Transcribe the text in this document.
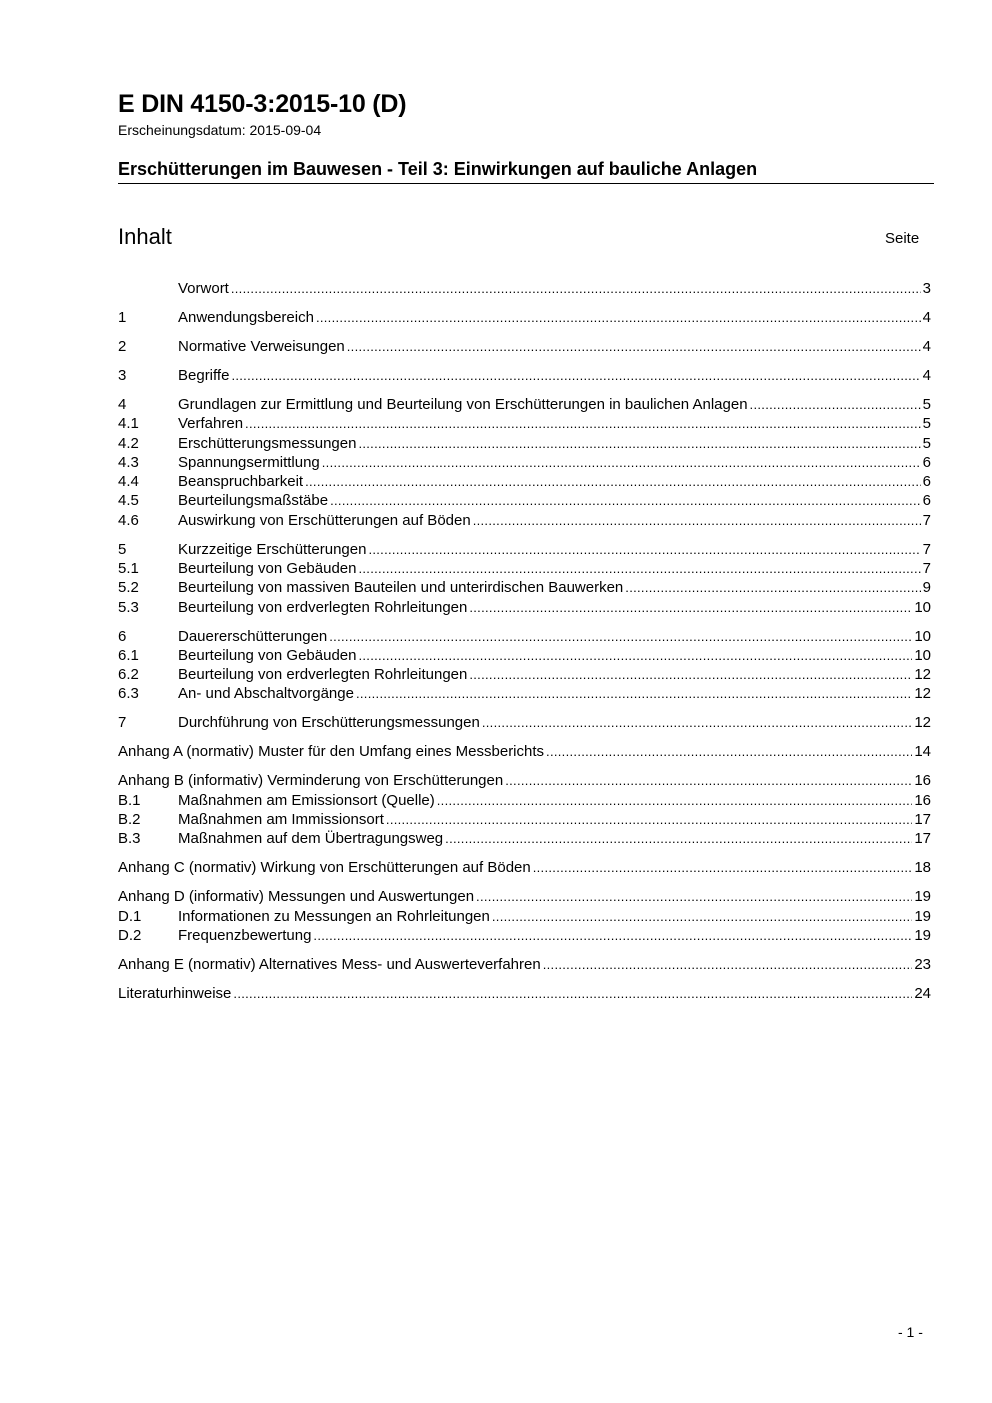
E DIN 4150-3:2015-10 (D)
Erscheinungsdatum: 2015-09-04
Erschütterungen im Bauwesen - Teil 3: Einwirkungen auf bauliche Anlagen
Inhalt	Seite
Vorwort .....	3
1	Anwendungsbereich .....	4
2	Normative Verweisungen .....	4
3	Begriffe .....	4
4	Grundlagen zur Ermittlung und Beurteilung von Erschütterungen in baulichen Anlagen .....	5
4.1	Verfahren .....	5
4.2	Erschütterungsmessungen .....	5
4.3	Spannungsermittlung .....	6
4.4	Beanspruchbarkeit .....	6
4.5	Beurteilungsmaßstäbe .....	6
4.6	Auswirkung von Erschütterungen auf Böden .....	7
5	Kurzzeitige Erschütterungen .....	7
5.1	Beurteilung von Gebäuden .....	7
5.2	Beurteilung von massiven Bauteilen und unterirdischen Bauwerken .....	9
5.3	Beurteilung von erdverlegten Rohrleitungen .....	10
6	Dauererschütterungen .....	10
6.1	Beurteilung von Gebäuden .....	10
6.2	Beurteilung von erdverlegten Rohrleitungen .....	12
6.3	An- und Abschaltvorgänge .....	12
7	Durchführung von Erschütterungsmessungen .....	12
Anhang A (normativ) Muster für den Umfang eines Messberichts .....	14
Anhang B (informativ) Verminderung von Erschütterungen .....	16
B.1	Maßnahmen am Emissionsort (Quelle) .....	16
B.2	Maßnahmen am Immissionsort .....	17
B.3	Maßnahmen auf dem Übertragungsweg .....	17
Anhang C (normativ) Wirkung von Erschütterungen auf Böden .....	18
Anhang D (informativ) Messungen und Auswertungen .....	19
D.1	Informationen zu Messungen an Rohrleitungen .....	19
D.2	Frequenzbewertung .....	19
Anhang E (normativ) Alternatives Mess- und Auswerteverfahren .....	23
Literaturhinweise .....	24
- 1 -
